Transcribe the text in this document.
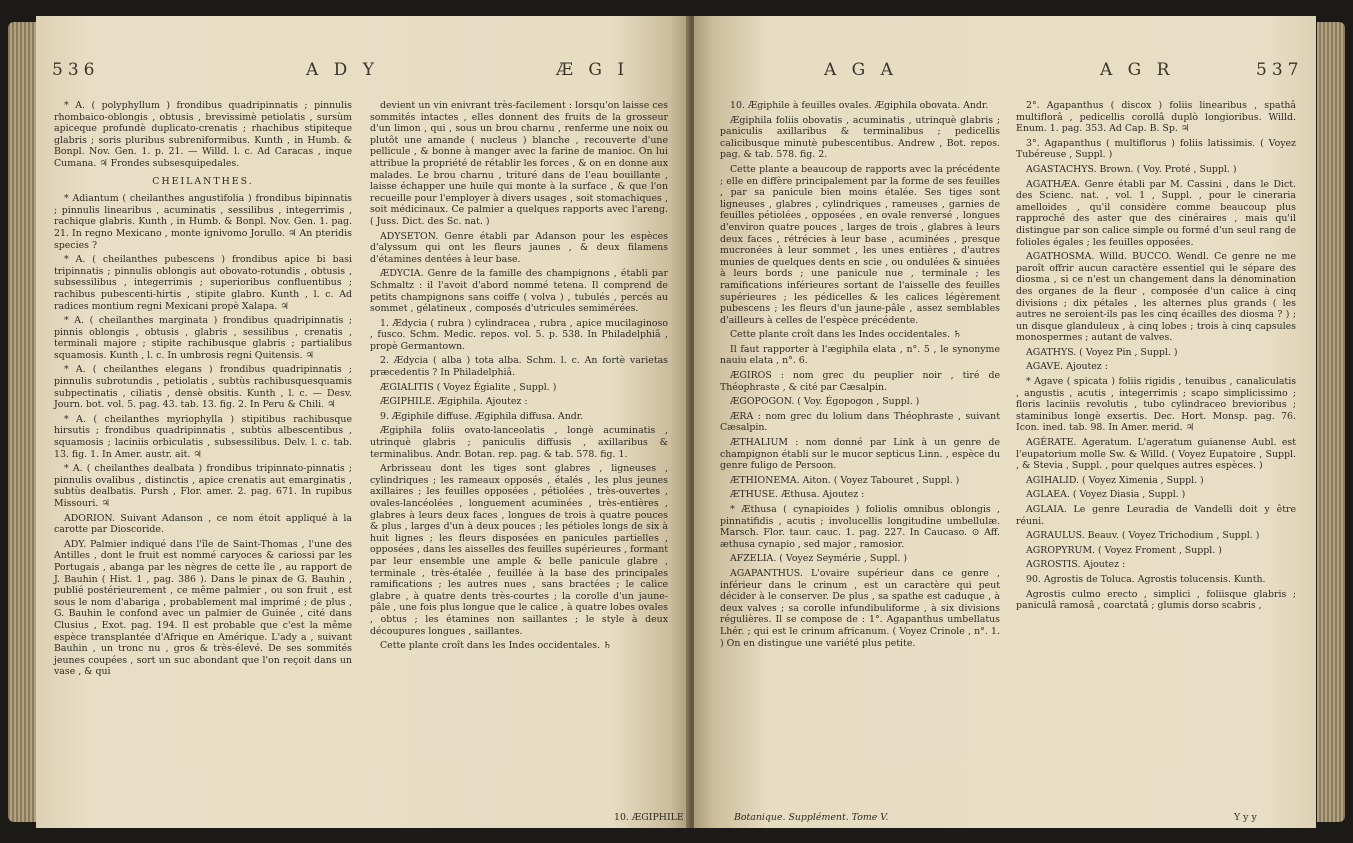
536	A D Y	Æ G I

* A. ( polyphyllum ) frondibus quadripinnatis ; pinnulis rhombaico-oblongis , obtusis , brevissimè petiolatis , sursùm apiceque profundè duplicato-crenatis ; rhachibus stipiteque glabris ; soris pluribus subreniformibus. Kunth , in Humb. & Bonpl. Nov. Gen. 1. p. 21. — Willd. l. c. Ad Caracas , inque Cumana. ♃ Frondes subsesquipedales.

CHEILANTHES.

* Adiantum ( cheilanthes angustifolia ) frondibus bipinnatis ; pinnulis linearibus , acuminatis , sessilibus , integerrimis , rachique glabris. Kunth , in Humb. & Bonpl. Nov. Gen. 1. pag. 21. In regno Mexicano , monte ignivomo Jorullo. ♃ An pteridis species ?

* A. ( cheilanthes pubescens ) frondibus apice bi basi tripinnatis ; pinnulis oblongis aut obovato-rotundis , obtusis , subsessilibus , integerrimis ; superioribus confluentibus ; rachibus pubescenti-hirtis , stipite glabro. Kunth , l. c. Ad radices montium regni Mexicani propè Xalapa. ♃

* A. ( cheilanthes marginata ) frondibus quadripinnatis ; pinnis oblongis , obtusis , glabris , sessilibus , crenatis , terminali majore ; stipite rachibusque glabris ; partialibus squamosis. Kunth , l. c. In umbrosis regni Quitensis. ♃

* A. ( cheilanthes elegans ) frondibus quadripinnatis ; pinnulis subrotundis , petiolatis , subtùs rachibusquesquamis subpectinatis , ciliatis , densè obsitis. Kunth , l. c. — Desv. Journ. bot. vol. 5. pag. 43. tab. 13. fig. 2. In Peru & Chili. ♃

* A. ( cheilanthes myriophylla ) stipitibus rachibusque hirsutis ; frondibus quadripinnatis , subtùs albescentibus , squamosis ; laciniis orbiculatis , subsessilibus. Delv. l. c. tab. 13. fig. 1. In Amer. austr. ait. ♃

* A. ( cheilanthes dealbata ) frondibus tripinnato-pinnatis ; pinnulis ovalibus , distinctis , apice crenatis aut emarginatis , subtùs dealbatis. Pursh , Flor. amer. 2. pag. 671. In rupibus Missouri. ♃

ADORION. Suivant Adanson , ce nom étoit appliqué à la carotte par Dioscoride.

ADY. Palmier indiqué dans l'île de Saint-Thomas , l'une des Antilles , dont le fruit est nommé caryoces & cariossi par les Portugais , abanga par les nègres de cette île , au rapport de J. Bauhin ( Hist. 1 , pag. 386 ). Dans le pinax de G. Bauhin , publié postérieurement , ce même palmier , ou son fruit , est sous le nom d'abariga , probablement mal imprimé ; de plus , G. Bauhin le confond avec un palmier de Guinée , cité dans Clusius , Exot. pag. 194. Il est probable que c'est la même espèce transplantée d'Afrique en Amérique. L'ady a , suivant Bauhin , un tronc nu , gros & très-élevé. De ses sommités jeunes coupées , sort un suc abondant que l'on reçoit dans un vase , & qui

devient un vin enivrant très-facilement : lorsqu'on laisse ces sommités intactes , elles donnent des fruits de la grosseur d'un limon , qui , sous un brou charnu , renferme une noix ou plutôt une amande ( nucleus ) blanche , recouverte d'une pellicule , & bonne à manger avec la farine de manioc. On lui attribue la propriété de rétablir les forces , & on en donne aux malades. Le brou charnu , trituré dans de l'eau bouillante , laisse échapper une huile qui monte à la surface , & que l'on recueille pour l'employer à divers usages , soit stomachiques , soit médicinaux. Ce palmier a quelques rapports avec l'areng. ( Juss. Dict. des Sc. nat. )

ADYSETON. Genre établi par Adanson pour les espèces d'alyssum qui ont les fleurs jaunes , & deux filamens d'étamines dentées à leur base.

ÆDYCIA. Genre de la famille des champignons , établi par Schmaltz : il l'avoit d'abord nommé tetena. Il comprend de petits champignons sans coiffe ( volva ) , tubulés , percés au sommet , gélatineux , composés d'utricules semimérées.

1. Ædycia ( rubra ) cylindracea , rubra , apice mucilaginoso , fusco. Schm. Medic. repos. vol. 5. p. 538. In Philadelphiâ , propè Germantown.

2. Ædycia ( alba ) tota alba. Schm. l. c. An fortè varietas præcedentis ? In Philadelphiâ.

ÆGIALITIS ( Voyez Égialite , Suppl. )

ÆGIPHILE. Ægiphila. Ajoutez :

9. Ægiphile diffuse. Ægiphila diffusa. Andr.

Ægiphila foliis ovato-lanceolatis , longè acuminatis , utrinquè glabris ; paniculis diffusis , axillaribus & terminalibus. Andr. Botan. rep. pag. & tab. 578. fig. 1.

Arbrisseau dont les tiges sont glabres , ligneuses , cylindriques ; les rameaux opposés , étalés , les plus jeunes axillaires ; les feuilles opposées , pétiolées , très-ouvertes , ovales-lancéolées , longuement acuminées , très-entières , glabres à leurs deux faces , longues de trois à quatre pouces & plus , larges d'un à deux pouces ; les pétioles longs de six à huit lignes ; les fleurs disposées en panicules partielles , opposées , dans les aisselles des feuilles supérieures , formant par leur ensemble une ample & belle panicule glabre , terminale , très-étalée , feuillée à la base des principales ramifications ; les autres nues , sans bractées ; le calice glabre , à quatre dents très-courtes ; la corolle d'un jaune-pâle , une fois plus longue que le calice , à quatre lobes ovales , obtus ; les étamines non saillantes ; le style à deux découpures longues , saillantes.

Cette plante croît dans les Indes occidentales. ♄

10. ÆGIPHILE
A G A	A G R	537

10. Ægiphile à feuilles ovales. Ægiphila obovata. Andr.

Ægiphila foliis obovatis , acuminatis , utrinquè glabris ; paniculis axillaribus & terminalibus ; pedicellis calicibusque minutè pubescentibus. Andrew , Bot. repos. pag. & tab. 578. fig. 2.

Cette plante a beaucoup de rapports avec la précédente ; elle en diffère principalement par la forme de ses feuilles , par sa panicule bien moins étalée. Ses tiges sont ligneuses , glabres , cylindriques , rameuses , garnies de feuilles pétiolées , opposées , en ovale renversé , longues d'environ quatre pouces , larges de trois , glabres à leurs deux faces , rétrécies à leur base , acuminées , presque mucronées à leur sommet , les unes entières , d'autres munies de quelques dents en scie , ou ondulées & sinuées à leurs bords ; une panicule nue , terminale ; les ramifications inférieures sortant de l'aisselle des feuilles supérieures ; les pédicelles & les calices légèrement pubescens ; les fleurs d'un jaune-pâle , assez semblables d'ailleurs à celles de l'espèce précédente.

Cette plante croît dans les Indes occidentales. ♄

Il faut rapporter à l'ægiphila elata , n°. 5 , le synonyme nauiu elata , n°. 6.

ÆGIROS : nom grec du peuplier noir , tiré de Théophraste , & cité par Cæsalpin.

ÆGOPOGON. ( Voy. Égopogon , Suppl. )

ÆRA : nom grec du lolium dans Théophraste , suivant Cæsalpin.

ÆTHALIUM : nom donné par Link à un genre de champignon établi sur le mucor septicus Linn. , espèce du genre fuligo de Persoon.

ÆTHIONEMA. Aiton. ( Voyez Tabouret , Suppl. )

ÆTHUSE. Æthusa. Ajoutez :

* Æthusa ( cynapioides ) foliolis omnibus oblongis , pinnatifidis , acutis ; involucellis longitudine umbellulæ. Marsch. Flor. taur. cauc. 1. pag. 227. In Caucaso. ⊙ Aff. æthusa cynapio , sed major , ramosior.

AFZELIA. ( Voyez Seymérie , Suppl. )

AGAPANTHUS. L'ovaire supérieur dans ce genre , inférieur dans le crinum , est un caractère qui peut décider à le conserver. De plus , sa spathe est caduque , à deux valves ; sa corolle infundibuliforme , à six divisions régulières. Il se compose de : 1°. Agapanthus umbellatus Lhér. ; qui est le crinum africanum. ( Voyez Crinole , n°. 1. ) On en distingue une variété plus petite.

2°. Agapanthus ( discox ) foliis linearibus , spathâ multiflorâ , pedicellis corollâ duplò longioribus. Willd. Enum. 1. pag. 353. Ad Cap. B. Sp. ♃

3°. Agapanthus ( multiflorus ) foliis latissimis. ( Voyez Tubéreuse , Suppl. )

AGASTACHYS. Brown. ( Voy. Proté , Suppl. )

AGATHÆA. Genre établi par M. Cassini , dans le Dict. des Scienc. nat. , vol. 1 , Suppl. , pour le cineraria amelloides , qu'il considère comme beaucoup plus rapproché des aster que des cinéraires , mais qu'il distingue par son calice simple ou formé d'un seul rang de folioles égales ; les feuilles opposées.

AGATHOSMA. Willd. BUCCO. Wendl. Ce genre ne me paroît offrir aucun caractère essentiel qui le sépare des diosma , si ce n'est un changement dans la dénomination des organes de la fleur , composée d'un calice à cinq divisions ; dix pétales , les alternes plus grands ( les autres ne seroient-ils pas les cinq écailles des diosma ? ) ; un disque glanduleux , à cinq lobes ; trois à cinq capsules monospermes ; autant de valves.

AGATHYS. ( Voyez Pin , Suppl. )

AGAVE. Ajoutez :

* Agave ( spicata ) foliis rigidis , tenuibus , canaliculatis , angustis , acutis , integerrimis ; scapo simplicissimo ; floris laciniis revolutis , tubo cylindraceo brevioribus ; staminibus longè exsertis. Dec. Hort. Monsp. pag. 76. Icon. ined. tab. 98. In Amer. merid. ♃

AGÉRATE. Ageratum. L'ageratum guianense Aubl. est l'eupatorium molle Sw. & Willd. ( Voyez Eupatoire , Suppl. , & Stevia , Suppl. , pour quelques autres espèces. )

AGIHALID. ( Voyez Ximenia , Suppl. )

AGLAEA. ( Voyez Diasia , Suppl. )

AGLAIA. Le genre Leuradia de Vandelli doit y être réuni.

AGRAULUS. Beauv. ( Voyez Trichodium , Suppl. )

AGROPYRUM. ( Voyez Froment , Suppl. )

AGROSTIS. Ajoutez :

90. Agrostis de Toluca. Agrostis tolucensis. Kunth.

Agrostis culmo erecto , simplici , foliisque glabris ; paniculâ ramosâ , coarctatâ ; glumis dorso scabris ,

Botanique. Supplément. Tome V.	Y y y
